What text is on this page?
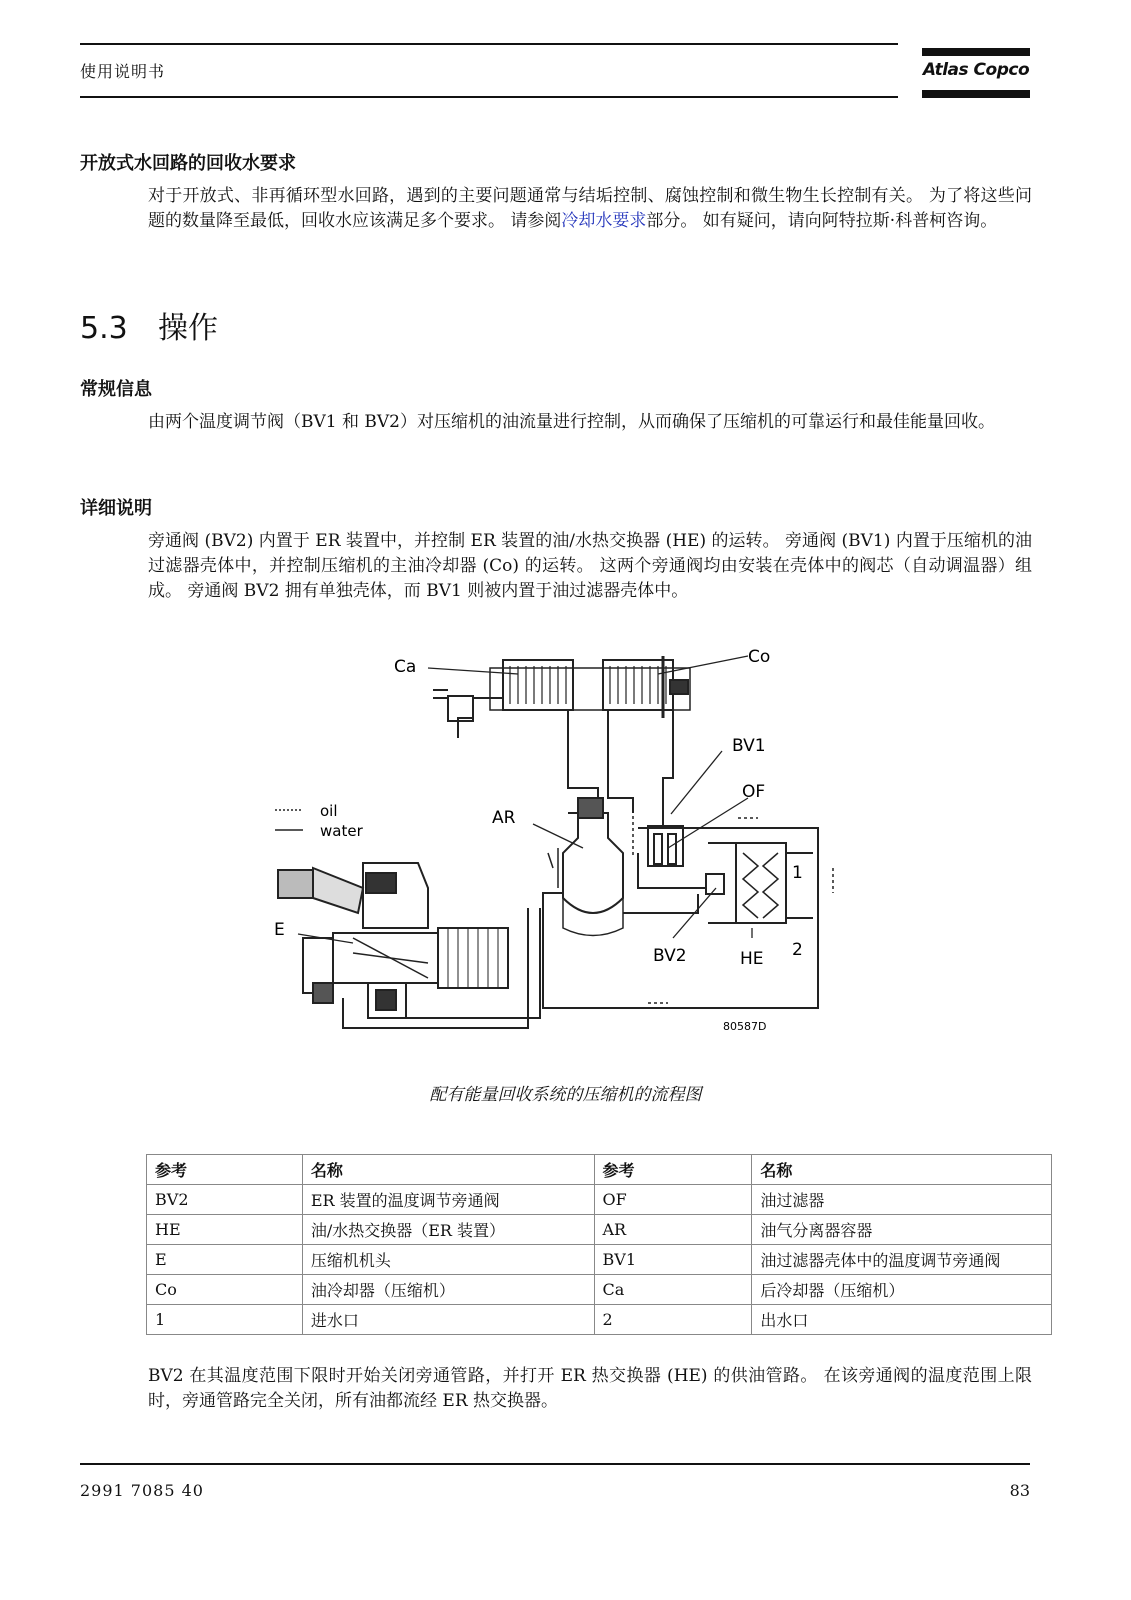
使用说明书	Atlas Copco
开放式水回路的回收水要求
对于开放式、非再循环型水回路，遇到的主要问题通常与结垢控制、腐蚀控制和微生物生长控制有关。 为了将这些问题的数量降至最低，回收水应该满足多个要求。 请参阅冷却水要求部分。 如有疑问，请向阿特拉斯·科普柯咨询。
5.3 操作
常规信息
由两个温度调节阀（BV1 和 BV2）对压缩机的油流量进行控制，从而确保了压缩机的可靠运行和最佳能量回收。
详细说明
旁通阀 (BV2) 内置于 ER 装置中，并控制 ER 装置的油/水热交换器 (HE) 的运转。 旁通阀 (BV1) 内置于压缩机的油过滤器壳体中，并控制压缩机的主油冷却器 (Co) 的运转。 这两个旁通阀均由安装在壳体中的阀芯（自动调温器）组成。 旁通阀 BV2 拥有单独壳体，而 BV1 则被内置于油过滤器壳体中。
oil
water
Ca	Co
BV1
OF
AR
E
BV2	HE
1
2
80587D
配有能量回收系统的压缩机的流程图
参考	名称	参考	名称
BV2	ER 装置的温度调节旁通阀	OF	油过滤器
HE	油/水热交换器（ER 装置）	AR	油气分离器容器
E	压缩机机头	BV1	油过滤器壳体中的温度调节旁通阀
Co	油冷却器（压缩机）	Ca	后冷却器（压缩机）
1	进水口	2	出水口
BV2 在其温度范围下限时开始关闭旁通管路，并打开 ER 热交换器 (HE) 的供油管路。 在该旁通阀的温度范围上限时，旁通管路完全关闭，所有油都流经 ER 热交换器。
2991 7085 40	83
